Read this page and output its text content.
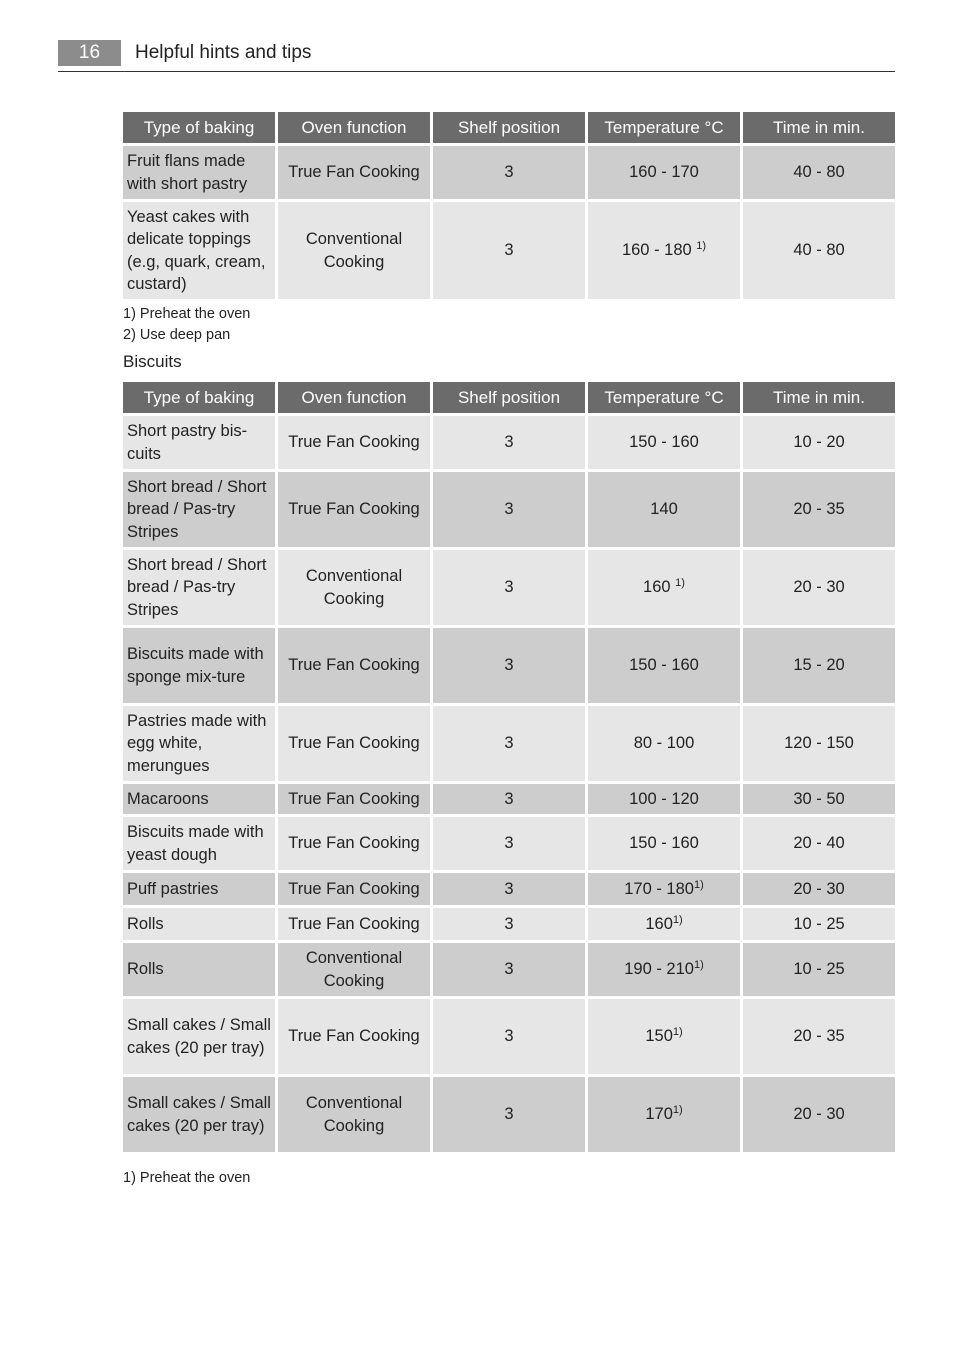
16	Helpful hints and tips
Type of baking	Oven function	Shelf position	Temperature °C	Time in min.
Fruit flans made with short pastry	True Fan Cooking	3	160 - 170	40 - 80
Yeast cakes with delicate toppings (e.g, quark, cream, custard)	Conventional Cooking	3	160 - 180 $^{1)}$	40 - 80
1) Preheat the oven
2) Use deep pan
Biscuits
Type of baking	Oven function	Shelf position	Temperature °C	Time in min.
Short pastry bis-cuits	True Fan Cooking	3	150 - 160	10 - 20
Short bread / Short bread / Pas-try Stripes	True Fan Cooking	3	140	20 - 35
Short bread / Short bread / Pas-try Stripes	Conventional Cooking	3	160 $^{1)}$	20 - 30
Biscuits made with sponge mix-ture	True Fan Cooking	3	150 - 160	15 - 20
Pastries made with egg white, merungues	True Fan Cooking	3	80 - 100	120 - 150
Macaroons	True Fan Cooking	3	100 - 120	30 - 50
Biscuits made with yeast dough	True Fan Cooking	3	150 - 160	20 - 40
Puff pastries	True Fan Cooking	3	170 - 180$^{1)}$	20 - 30
Rolls	True Fan Cooking	3	160$^{1)}$	10 - 25
Rolls	Conventional Cooking	3	190 - 210$^{1)}$	10 - 25
Small cakes / Small cakes (20 per tray)	True Fan Cooking	3	150$^{1)}$	20 - 35
Small cakes / Small cakes (20 per tray)	Conventional Cooking	3	170$^{1)}$	20 - 30
1) Preheat the oven
